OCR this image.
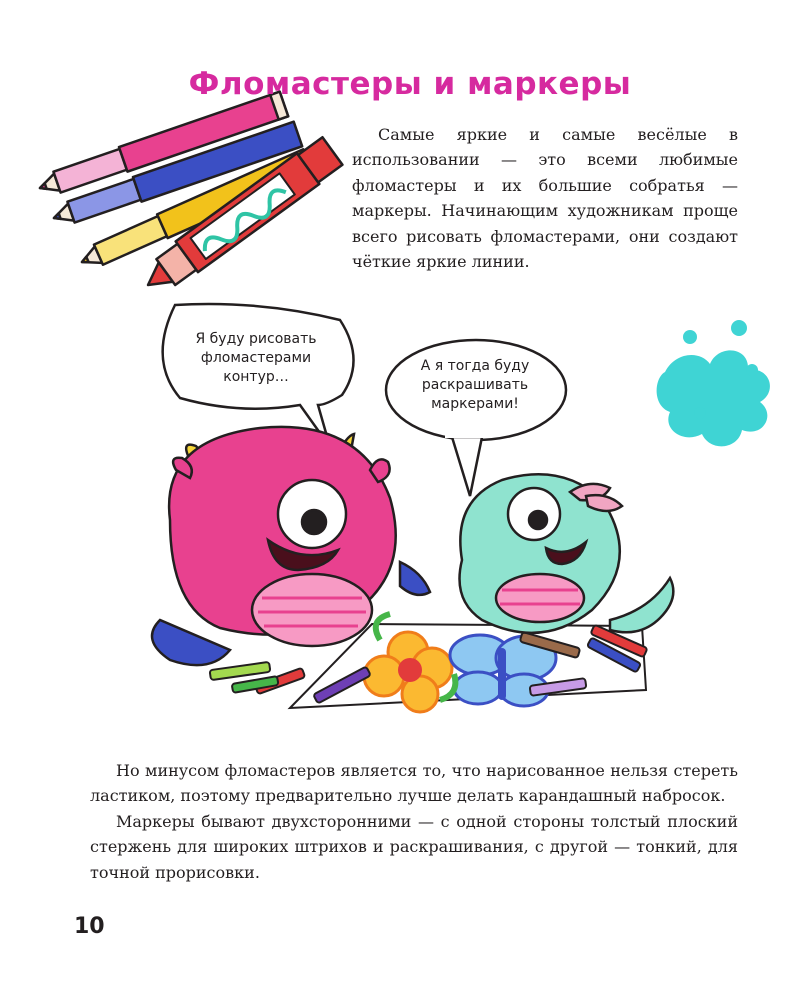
Фломастеры и маркеры

Самые яркие и самые весёлые в использовании — это всеми любимые фломастеры и их большие собратья — маркеры. Начинающим художникам проще всего рисовать фломастерами, они создают чёткие яркие линии.

Я буду рисовать фломастерами контур…
А я тогда буду раскрашивать маркерами!

Но минусом фломастеров является то, что нарисованное нельзя стереть ластиком, поэтому предварительно лучше делать карандашный набросок.

Маркеры бывают двухсторонними — с одной стороны толстый плоский стержень для широких штрихов и раскрашивания, с другой — тонкий, для точной прорисовки.

10
